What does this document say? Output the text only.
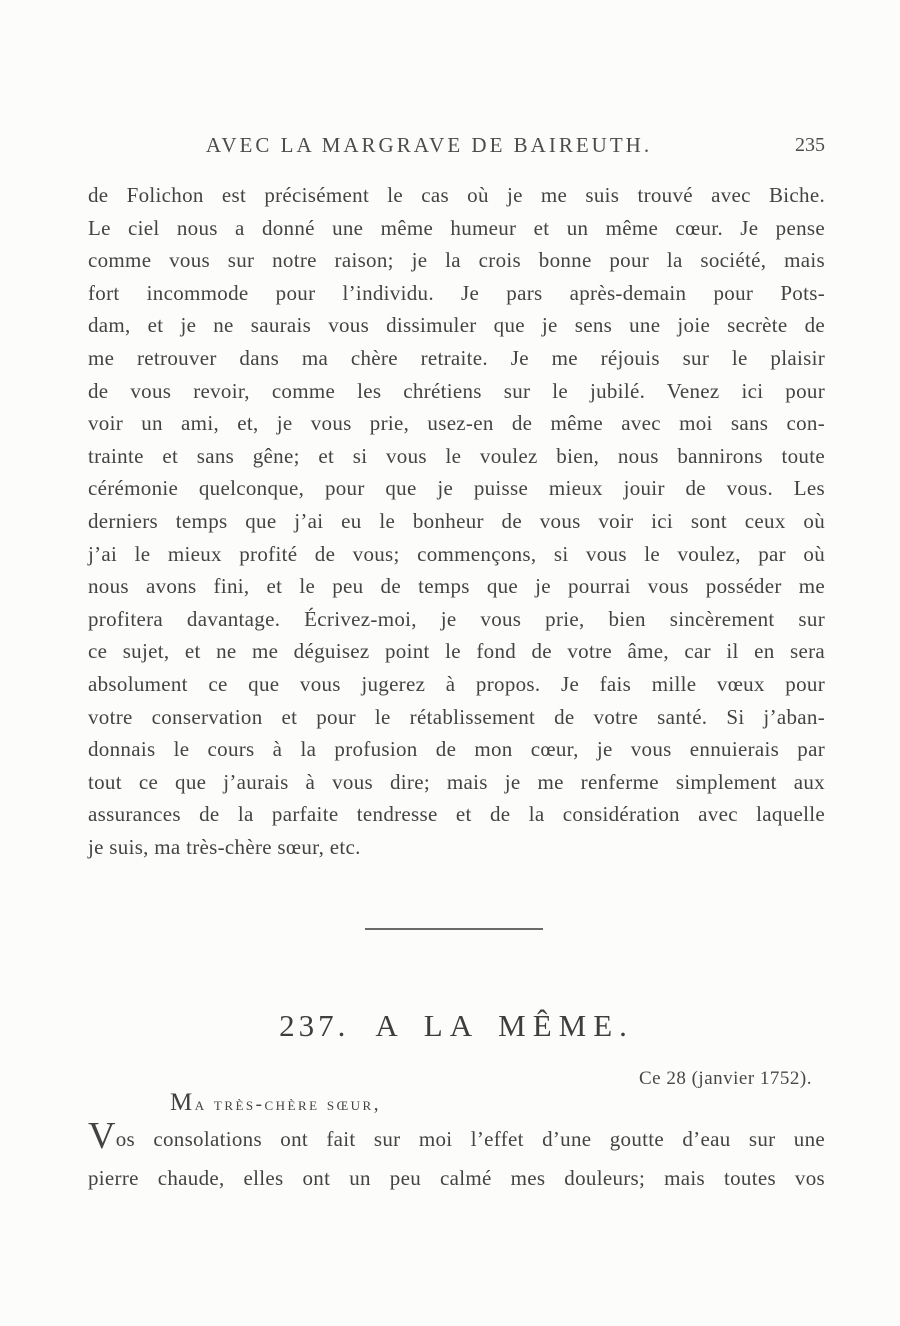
AVEC LA MARGRAVE DE BAIREUTH.	235
de Folichon est précisément le cas où je me suis trouvé avec Biche.
Le ciel nous a donné une même humeur et un même cœur. Je pense
comme vous sur notre raison; je la crois bonne pour la société, mais
fort incommode pour l’individu. Je pars après-demain pour Pots-
dam, et je ne saurais vous dissimuler que je sens une joie secrète de
me retrouver dans ma chère retraite. Je me réjouis sur le plaisir
de vous revoir, comme les chrétiens sur le jubilé. Venez ici pour
voir un ami, et, je vous prie, usez-en de même avec moi sans con-
trainte et sans gêne; et si vous le voulez bien, nous bannirons toute
cérémonie quelconque, pour que je puisse mieux jouir de vous. Les
derniers temps que j’ai eu le bonheur de vous voir ici sont ceux où
j’ai le mieux profité de vous; commençons, si vous le voulez, par où
nous avons fini, et le peu de temps que je pourrai vous posséder me
profitera davantage. Écrivez-moi, je vous prie, bien sincèrement sur
ce sujet, et ne me déguisez point le fond de votre âme, car il en sera
absolument ce que vous jugerez à propos. Je fais mille vœux pour
votre conservation et pour le rétablissement de votre santé. Si j’aban-
donnais le cours à la profusion de mon cœur, je vous ennuierais par
tout ce que j’aurais à vous dire; mais je me renferme simplement aux
assurances de la parfaite tendresse et de la considération avec laquelle
je suis, ma très-chère sœur, etc.
237. A LA MÊME.
Ce 28 (janvier 1752).
Ma très-chère sœur,
Vos consolations ont fait sur moi l’effet d’une goutte d’eau sur une
pierre chaude, elles ont un peu calmé mes douleurs; mais toutes vos
